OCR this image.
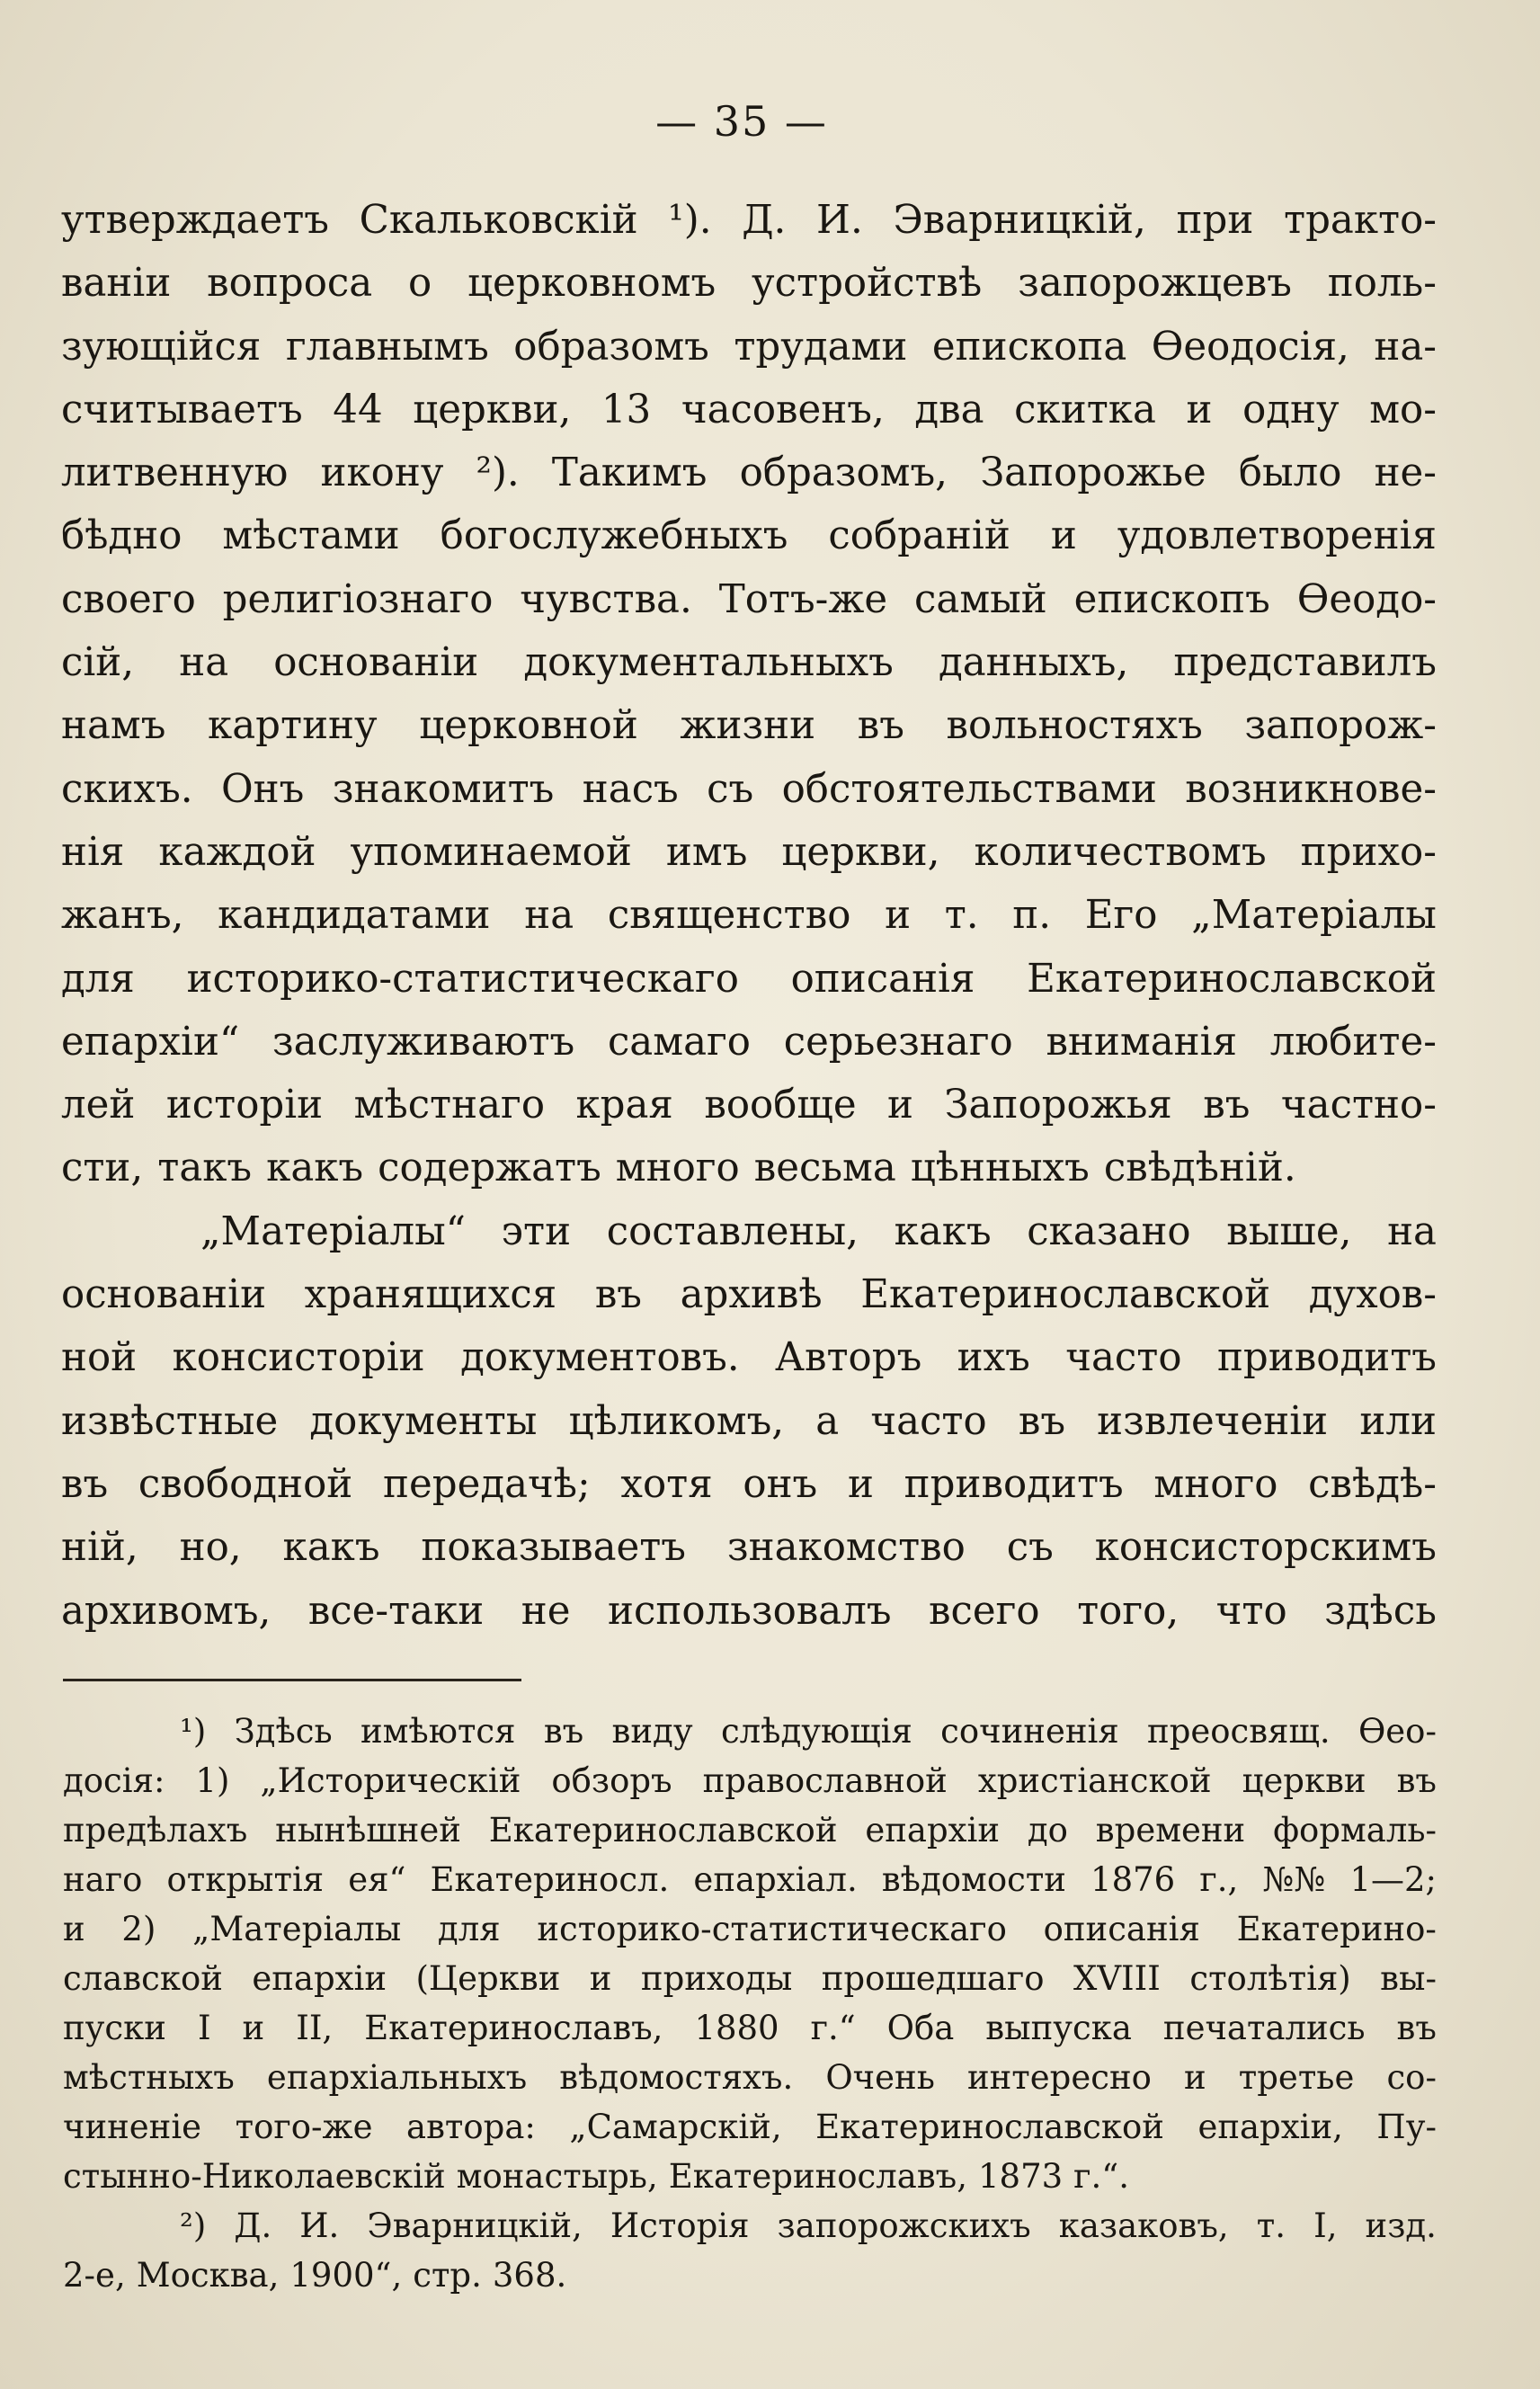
— 35 —
утверждаетъ Скальковскій ¹). Д. И. Эварницкій, при тракто-
ваніи вопроса о церковномъ устройствѣ запорожцевъ поль-
зующійся главнымъ образомъ трудами епископа Ѳеодосія, на-
считываетъ 44 церкви, 13 часовенъ, два скитка и одну мо-
литвенную икону ²). Такимъ образомъ, Запорожье было не-
бѣдно мѣстами богослужебныхъ собраній и удовлетворенія
своего религіознаго чувства. Тотъ-же самый епископъ Ѳеодо-
сій, на основаніи документальныхъ данныхъ, представилъ
намъ картину церковной жизни въ вольностяхъ запорож-
скихъ. Онъ знакомитъ насъ съ обстоятельствами возникнове-
нія каждой упоминаемой имъ церкви, количествомъ прихо-
жанъ, кандидатами на священство и т. п. Его „Матеріалы
для историко-статистическаго описанія Екатеринославской
епархіи“ заслуживаютъ самаго серьезнаго вниманія любите-
лей исторіи мѣстнаго края вообще и Запорожья въ частно-
сти, такъ какъ содержатъ много весьма цѣнныхъ свѣдѣній.
„Матеріалы“ эти составлены, какъ сказано выше, на
основаніи хранящихся въ архивѣ Екатеринославской духов-
ной консисторіи документовъ. Авторъ ихъ часто приводитъ
извѣстные документы цѣликомъ, а часто въ извлеченіи или
въ свободной передачѣ; хотя онъ и приводитъ много свѣдѣ-
ній, но, какъ показываетъ знакомство съ консисторскимъ
архивомъ, все-таки не использовалъ всего того, что здѣсь
¹) Здѣсь имѣются въ виду слѣдующія сочиненія преосвящ. Ѳео-
досія: 1) „Историческій обзоръ православной христіанской церкви въ
предѣлахъ нынѣшней Екатеринославской епархіи до времени формаль-
наго открытія ея“ Екатериносл. епархіал. вѣдомости 1876 г., №№ 1—2;
и 2) „Матеріалы для историко-статистическаго описанія Екатерино-
славской епархіи (Церкви и приходы прошедшаго XVIII столѣтія) вы-
пуски I и II, Екатеринославъ, 1880 г.“ Оба выпуска печатались въ
мѣстныхъ епархіальныхъ вѣдомостяхъ. Очень интересно и третье со-
чиненіе того-же автора: „Самарскій, Екатеринославской епархіи, Пу-
стынно-Николаевскій монастырь, Екатеринославъ, 1873 г.“.
²) Д. И. Эварницкій, Исторія запорожскихъ казаковъ, т. I, изд.
2-е, Москва, 1900“, стр. 368.
